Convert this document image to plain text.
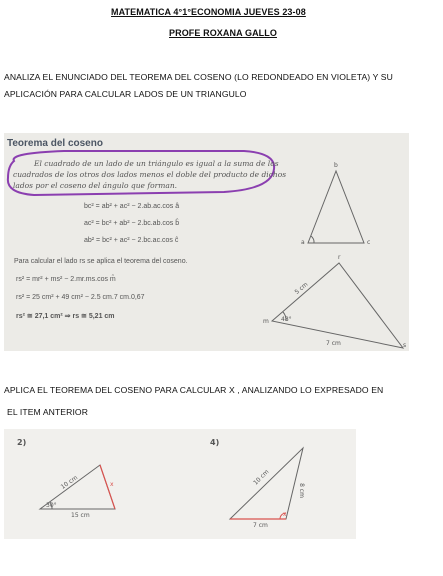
MATEMATICA 4°1°ECONOMIA JUEVES 23-08
PROFE ROXANA GALLO
ANALIZA EL ENUNCIADO DEL TEOREMA DEL COSENO (LO REDONDEADO EN VIOLETA) Y SU
APLICACIÓN PARA CALCULAR LADOS DE UN TRIANGULO
Teorema del coseno
El cuadrado de un lado de un triángulo es igual a la suma de los
cuadrados de los otros dos lados menos el doble del producto de dichos
lados por el coseno del ángulo que forman.
bc² = ab² + ac² − 2.ab.ac.cos â
ac² = bc² + ab² − 2.bc.ab.cos b̂
ab² = bc² + ac² − 2.bc.ac.cos ĉ
Para calcular el lado rs se aplica el teorema del coseno.
rs² = mr² + ms² − 2.mr.ms.cos m̂
rs² = 25 cm² + 49 cm² − 2.5 cm.7 cm.0,67
rs² ≅ 27,1 cm² ⇒ rs ≅ 5,21 cm
b
a	c
r
m
s
5 cm
7 cm
48°
APLICA EL TEOREMA DEL COSENO PARA CALCULAR X , ANALIZANDO LO EXPRESADO EN
EL ITEM ANTERIOR
2)
10 cm
15 cm
30°
x
4)
10 cm
8 cm
7 cm
x
